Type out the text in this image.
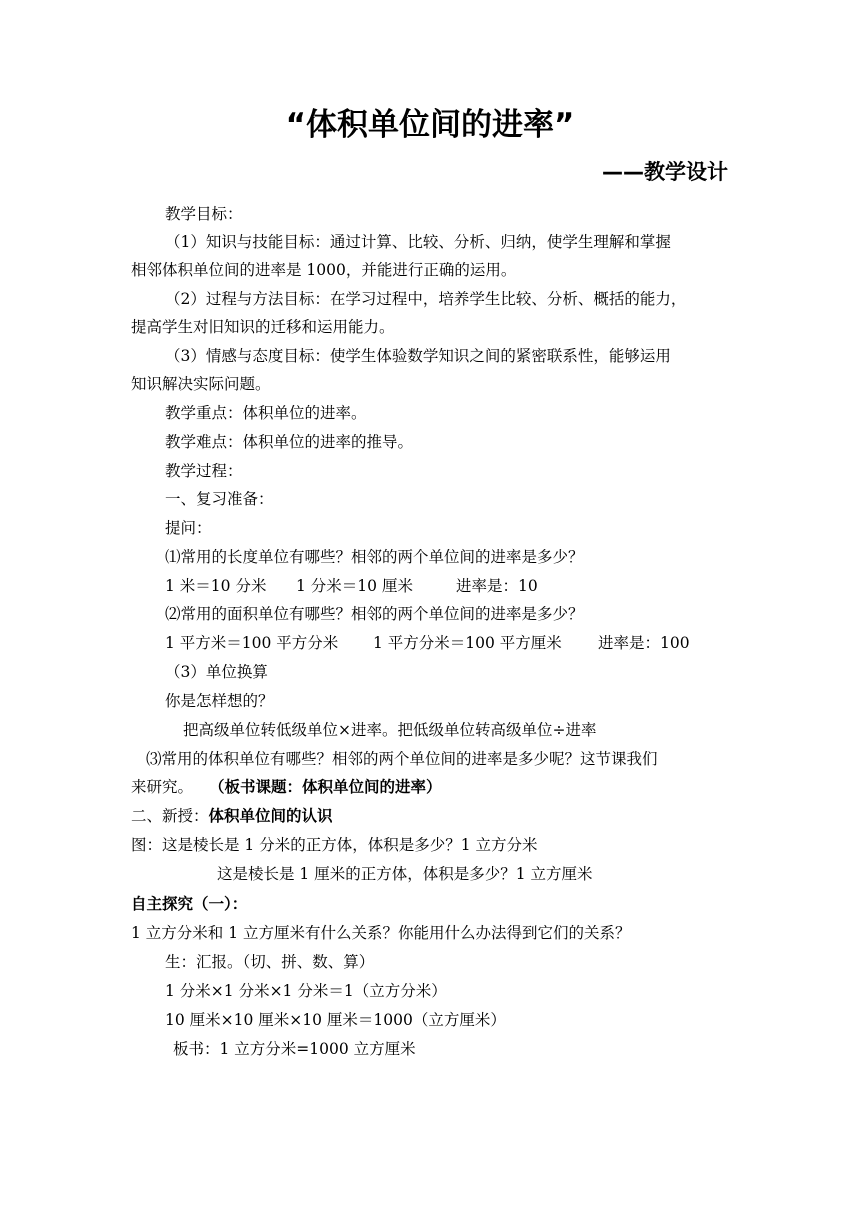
“体积单位间的进率”
——教学设计
教学目标：
（1）知识与技能目标：通过计算、比较、分析、归纳，使学生理解和掌握
相邻体积单位间的进率是 1000，并能进行正确的运用。
（2）过程与方法目标：在学习过程中，培养学生比较、分析、概括的能力，
提高学生对旧知识的迁移和运用能力。
（3）情感与态度目标：使学生体验数学知识之间的紧密联系性，能够运用
知识解决实际问题。
教学重点：体积单位的进率。
教学难点：体积单位的进率的推导。
教学过程：
一、复习准备：
提问：
⑴常用的长度单位有哪些？相邻的两个单位间的进率是多少？
1 米＝10 分米 1 分米＝10 厘米	进率是：10
⑵常用的面积单位有哪些？相邻的两个单位间的进率是多少？
1 平方米＝100 平方分米 1 平方分米＝100 平方厘米 进率是：100
（3）单位换算
你是怎样想的？
把高级单位转低级单位×进率。把低级单位转高级单位÷进率
⑶常用的体积单位有哪些？相邻的两个单位间的进率是多少呢？这节课我们
来研究。 （板书课题：体积单位间的进率）
二、新授：体积单位间的认识
图：这是棱长是 1 分米的正方体，体积是多少？1 立方分米
这是棱长是 1 厘米的正方体，体积是多少？1 立方厘米
自主探究（一）：
1 立方分米和 1 立方厘米有什么关系？你能用什么办法得到它们的关系？
生：汇报。（切、拼、数、算）
1 分米×1 分米×1 分米＝1（立方分米）
10 厘米×10 厘米×10 厘米＝1000（立方厘米）
板书：1 立方分米=1000 立方厘米
